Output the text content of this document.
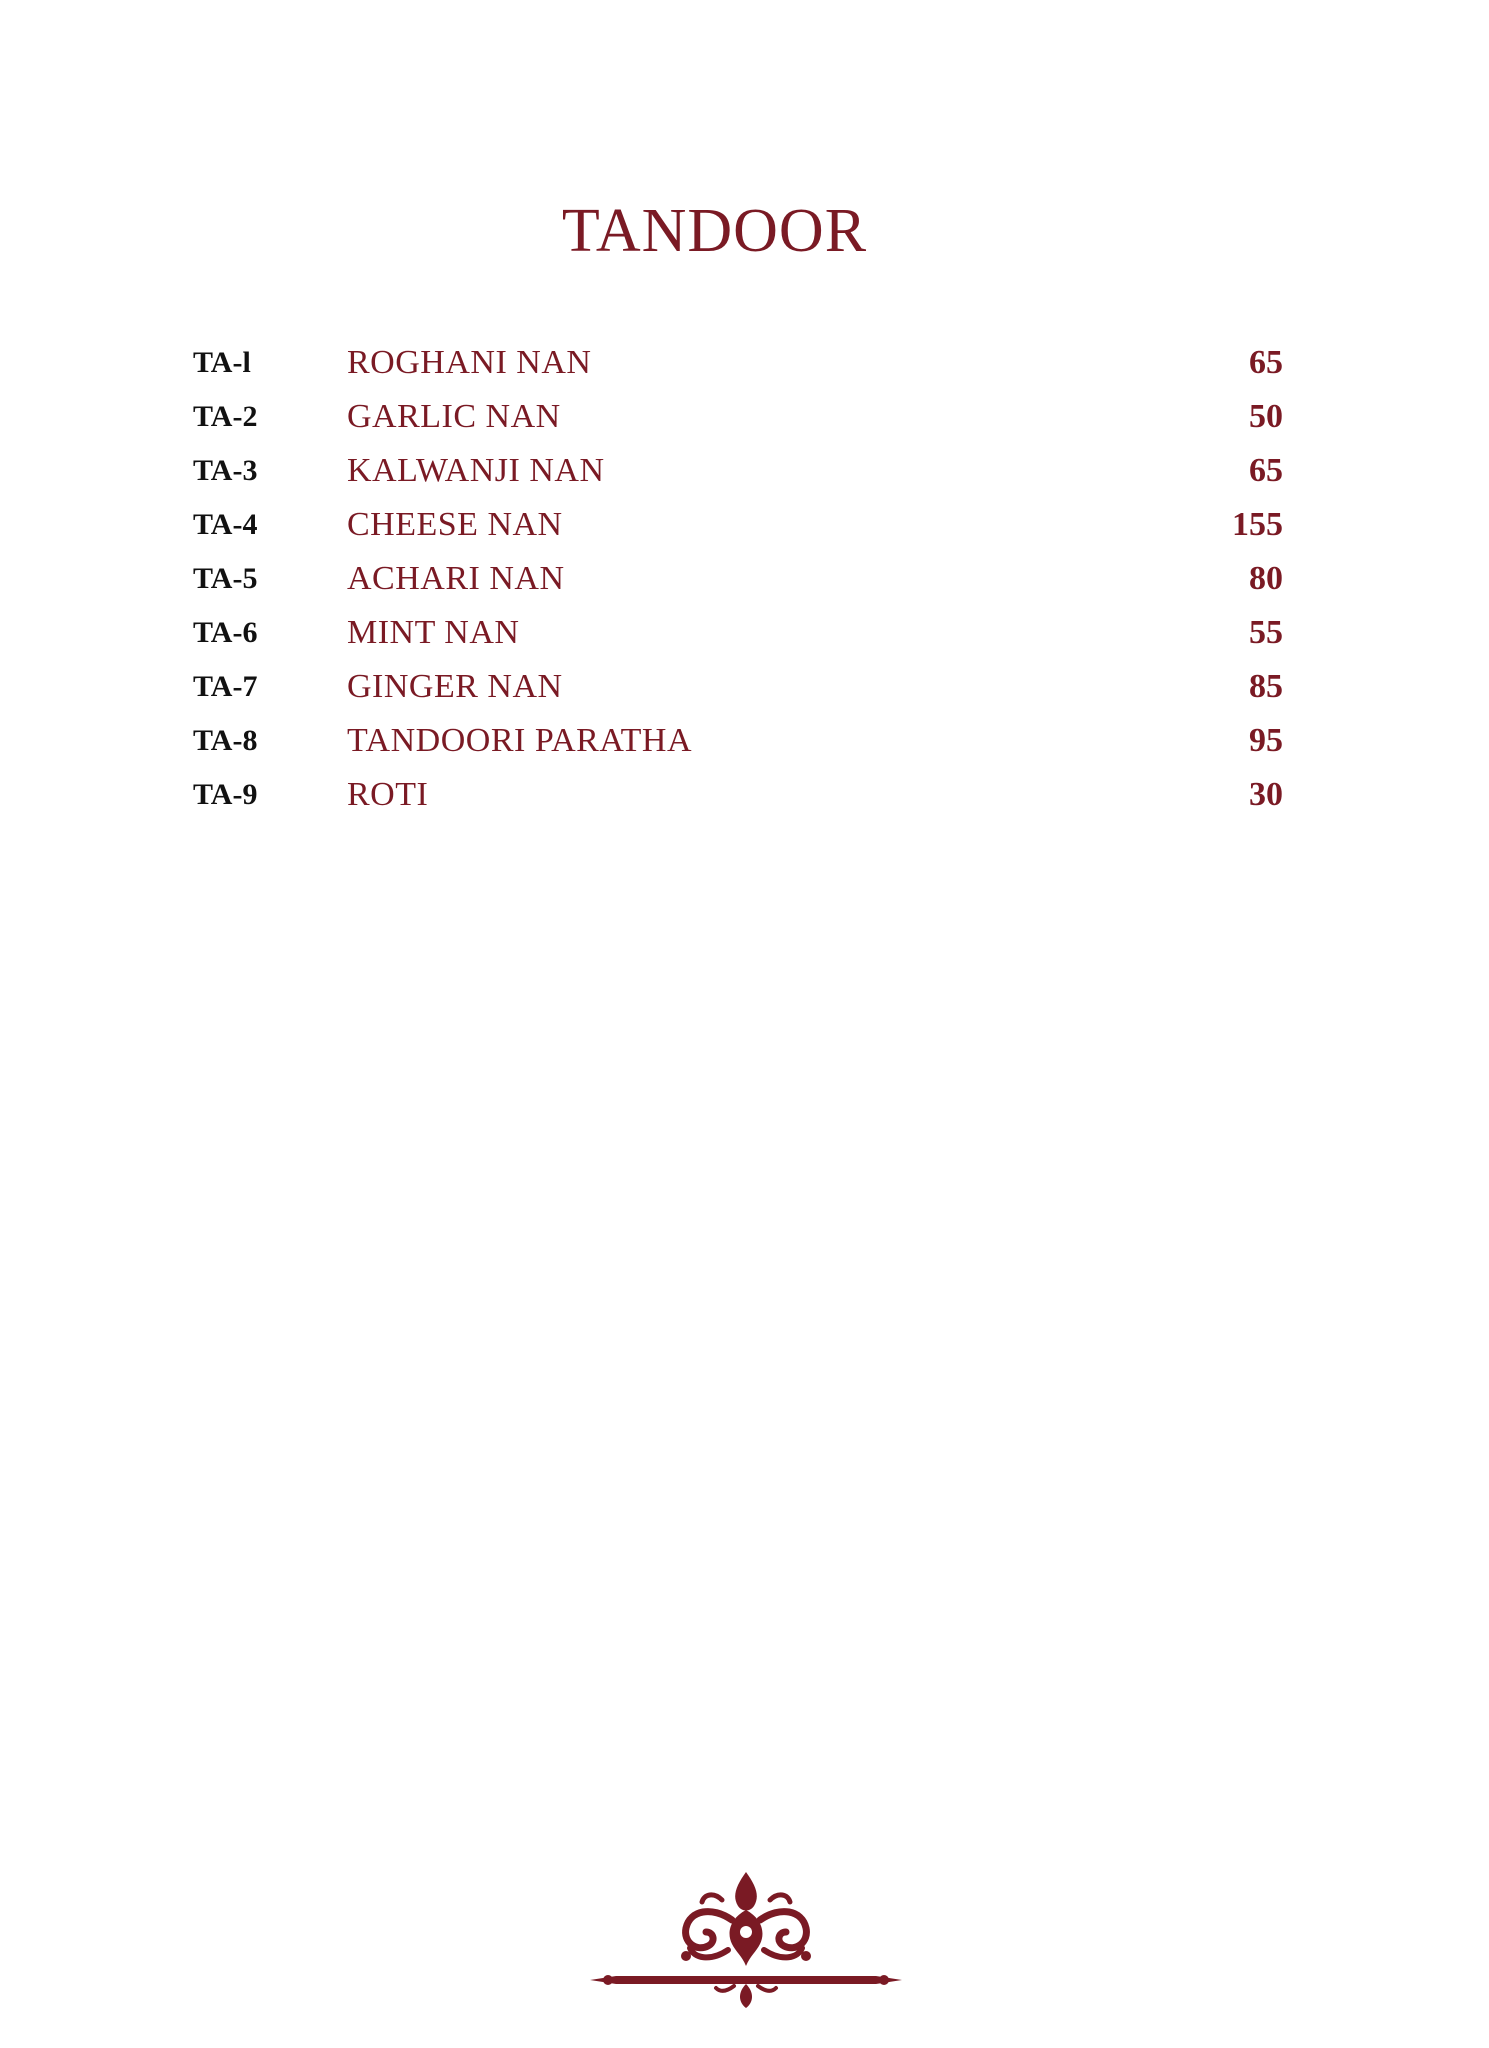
TANDOOR
TA-l	ROGHANI NAN	65
TA-2	GARLIC NAN	50
TA-3	KALWANJI NAN	65
TA-4	CHEESE NAN	155
TA-5	ACHARI NAN	80
TA-6	MINT NAN	55
TA-7	GINGER NAN	85
TA-8	TANDOORI PARATHA	95
TA-9	ROTI	30
